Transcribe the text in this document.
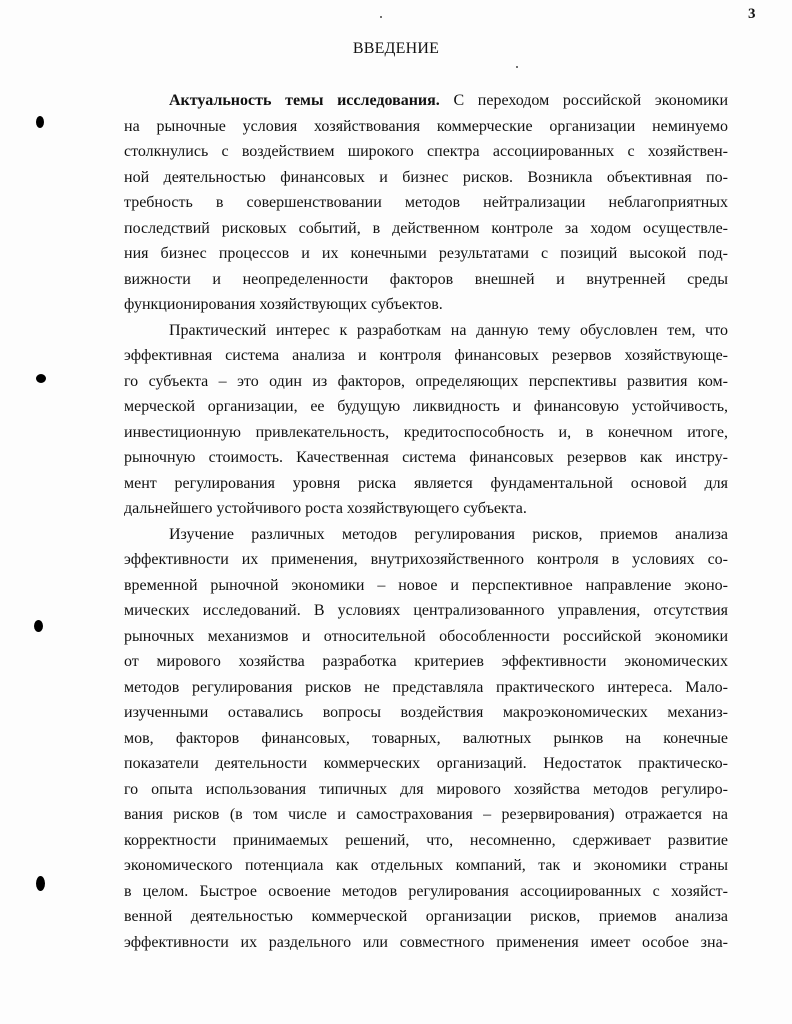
3
ВВЕДЕНИЕ
Актуальность темы исследования. С переходом российской экономики
на рыночные условия хозяйствования коммерческие организации неминуемо
столкнулись с воздействием широкого спектра ассоциированных с хозяйствен-
ной деятельностью финансовых и бизнес рисков. Возникла объективная по-
требность в совершенствовании методов нейтрализации неблагоприятных
последствий рисковых событий, в действенном контроле за ходом осуществле-
ния бизнес процессов и их конечными результатами с позиций высокой под-
вижности и неопределенности факторов внешней и внутренней среды
функционирования хозяйствующих субъектов.
Практический интерес к разработкам на данную тему обусловлен тем, что
эффективная система анализа и контроля финансовых резервов хозяйствующе-
го субъекта – это один из факторов, определяющих перспективы развития ком-
мерческой организации, ее будущую ликвидность и финансовую устойчивость,
инвестиционную привлекательность, кредитоспособность и, в конечном итоге,
рыночную стоимость. Качественная система финансовых резервов как инстру-
мент регулирования уровня риска является фундаментальной основой для
дальнейшего устойчивого роста хозяйствующего субъекта.
Изучение различных методов регулирования рисков, приемов анализа
эффективности их применения, внутрихозяйственного контроля в условиях со-
временной рыночной экономики – новое и перспективное направление эконо-
мических исследований. В условиях централизованного управления, отсутствия
рыночных механизмов и относительной обособленности российской экономики
от мирового хозяйства разработка критериев эффективности экономических
методов регулирования рисков не представляла практического интереса. Мало-
изученными оставались вопросы воздействия макроэкономических механиз-
мов, факторов финансовых, товарных, валютных рынков на конечные
показатели деятельности коммерческих организаций. Недостаток практическо-
го опыта использования типичных для мирового хозяйства методов регулиро-
вания рисков (в том числе и самострахования – резервирования) отражается на
корректности принимаемых решений, что, несомненно, сдерживает развитие
экономического потенциала как отдельных компаний, так и экономики страны
в целом. Быстрое освоение методов регулирования ассоциированных с хозяйст-
венной деятельностью коммерческой организации рисков, приемов анализа
эффективности их раздельного или совместного применения имеет особое зна-
